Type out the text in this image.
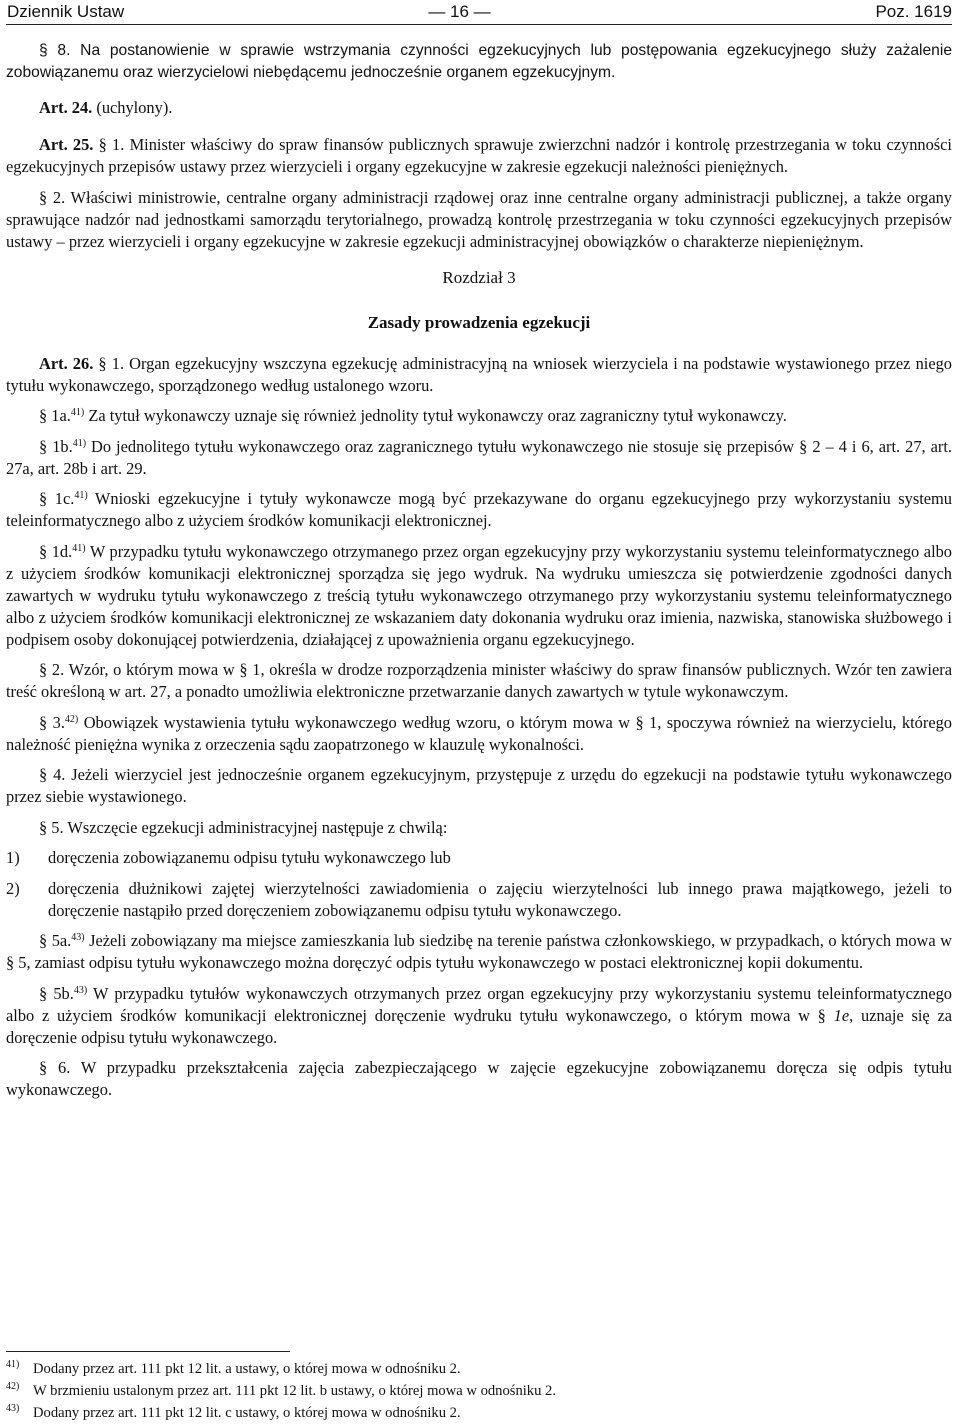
Dziennik Ustaw	— 16 —	Poz. 1619

§ 8. Na postanowienie w sprawie wstrzymania czynności egzekucyjnych lub postępowania egzekucyjnego służy zażalenie zobowiązanemu oraz wierzycielowi niebędącemu jednocześnie organem egzekucyjnym.

Art. 24. (uchylony).

Art. 25. § 1. Minister właściwy do spraw finansów publicznych sprawuje zwierzchni nadzór i kontrolę przestrzegania w toku czynności egzekucyjnych przepisów ustawy przez wierzycieli i organy egzekucyjne w zakresie egzekucji należności pieniężnych.

§ 2. Właściwi ministrowie, centralne organy administracji rządowej oraz inne centralne organy administracji publicznej, a także organy sprawujące nadzór nad jednostkami samorządu terytorialnego, prowadzą kontrolę przestrzegania w toku czynności egzekucyjnych przepisów ustawy – przez wierzycieli i organy egzekucyjne w zakresie egzekucji administracyjnej obowiązków o charakterze niepieniężnym.

Rozdział 3
Zasady prowadzenia egzekucji

Art. 26. § 1. Organ egzekucyjny wszczyna egzekucję administracyjną na wniosek wierzyciela i na podstawie wystawionego przez niego tytułu wykonawczego, sporządzonego według ustalonego wzoru.

§ 1a.$^{41)}$ Za tytuł wykonawczy uznaje się również jednolity tytuł wykonawczy oraz zagraniczny tytuł wykonawczy.

§ 1b.$^{41)}$ Do jednolitego tytułu wykonawczego oraz zagranicznego tytułu wykonawczego nie stosuje się przepisów § 2 – 4 i 6, art. 27, art. 27a, art. 28b i art. 29.

§ 1c.$^{41)}$ Wnioski egzekucyjne i tytuły wykonawcze mogą być przekazywane do organu egzekucyjnego przy wykorzystaniu systemu teleinformatycznego albo z użyciem środków komunikacji elektronicznej.

§ 1d.$^{41)}$ W przypadku tytułu wykonawczego otrzymanego przez organ egzekucyjny przy wykorzystaniu systemu teleinformatycznego albo z użyciem środków komunikacji elektronicznej sporządza się jego wydruk. Na wydruku umieszcza się potwierdzenie zgodności danych zawartych w wydruku tytułu wykonawczego z treścią tytułu wykonawczego otrzymanego przy wykorzystaniu systemu teleinformatycznego albo z użyciem środków komunikacji elektronicznej ze wskazaniem daty dokonania wydruku oraz imienia, nazwiska, stanowiska służbowego i podpisem osoby dokonującej potwierdzenia, działającej z upoważnienia organu egzekucyjnego.

§ 2. Wzór, o którym mowa w § 1, określa w drodze rozporządzenia minister właściwy do spraw finansów publicznych. Wzór ten zawiera treść określoną w art. 27, a ponadto umożliwia elektroniczne przetwarzanie danych zawartych w tytule wykonawczym.

§ 3.$^{42)}$ Obowiązek wystawienia tytułu wykonawczego według wzoru, o którym mowa w § 1, spoczywa również na wierzycielu, którego należność pieniężna wynika z orzeczenia sądu zaopatrzonego w klauzulę wykonalności.

§ 4. Jeżeli wierzyciel jest jednocześnie organem egzekucyjnym, przystępuje z urzędu do egzekucji na podstawie tytułu wykonawczego przez siebie wystawionego.

§ 5. Wszczęcie egzekucji administracyjnej następuje z chwilą:

1)	doręczenia zobowiązanemu odpisu tytułu wykonawczego lub
2)	doręczenia dłużnikowi zajętej wierzytelności zawiadomienia o zajęciu wierzytelności lub innego prawa majątkowego, jeżeli to doręczenie nastąpiło przed doręczeniem zobowiązanemu odpisu tytułu wykonawczego.

§ 5a.$^{43)}$ Jeżeli zobowiązany ma miejsce zamieszkania lub siedzibę na terenie państwa członkowskiego, w przypadkach, o których mowa w § 5, zamiast odpisu tytułu wykonawczego można doręczyć odpis tytułu wykonawczego w postaci elektronicznej kopii dokumentu.

§ 5b.$^{43)}$ W przypadku tytułów wykonawczych otrzymanych przez organ egzekucyjny przy wykorzystaniu systemu teleinformatycznego albo z użyciem środków komunikacji elektronicznej doręczenie wydruku tytułu wykonawczego, o którym mowa w § 1e, uznaje się za doręczenie odpisu tytułu wykonawczego.

§ 6. W przypadku przekształcenia zajęcia zabezpieczającego w zajęcie egzekucyjne zobowiązanemu doręcza się odpis tytułu wykonawczego.

41) Dodany przez art. 111 pkt 12 lit. a ustawy, o której mowa w odnośniku 2.
42) W brzmieniu ustalonym przez art. 111 pkt 12 lit. b ustawy, o której mowa w odnośniku 2.
43) Dodany przez art. 111 pkt 12 lit. c ustawy, o której mowa w odnośniku 2.
